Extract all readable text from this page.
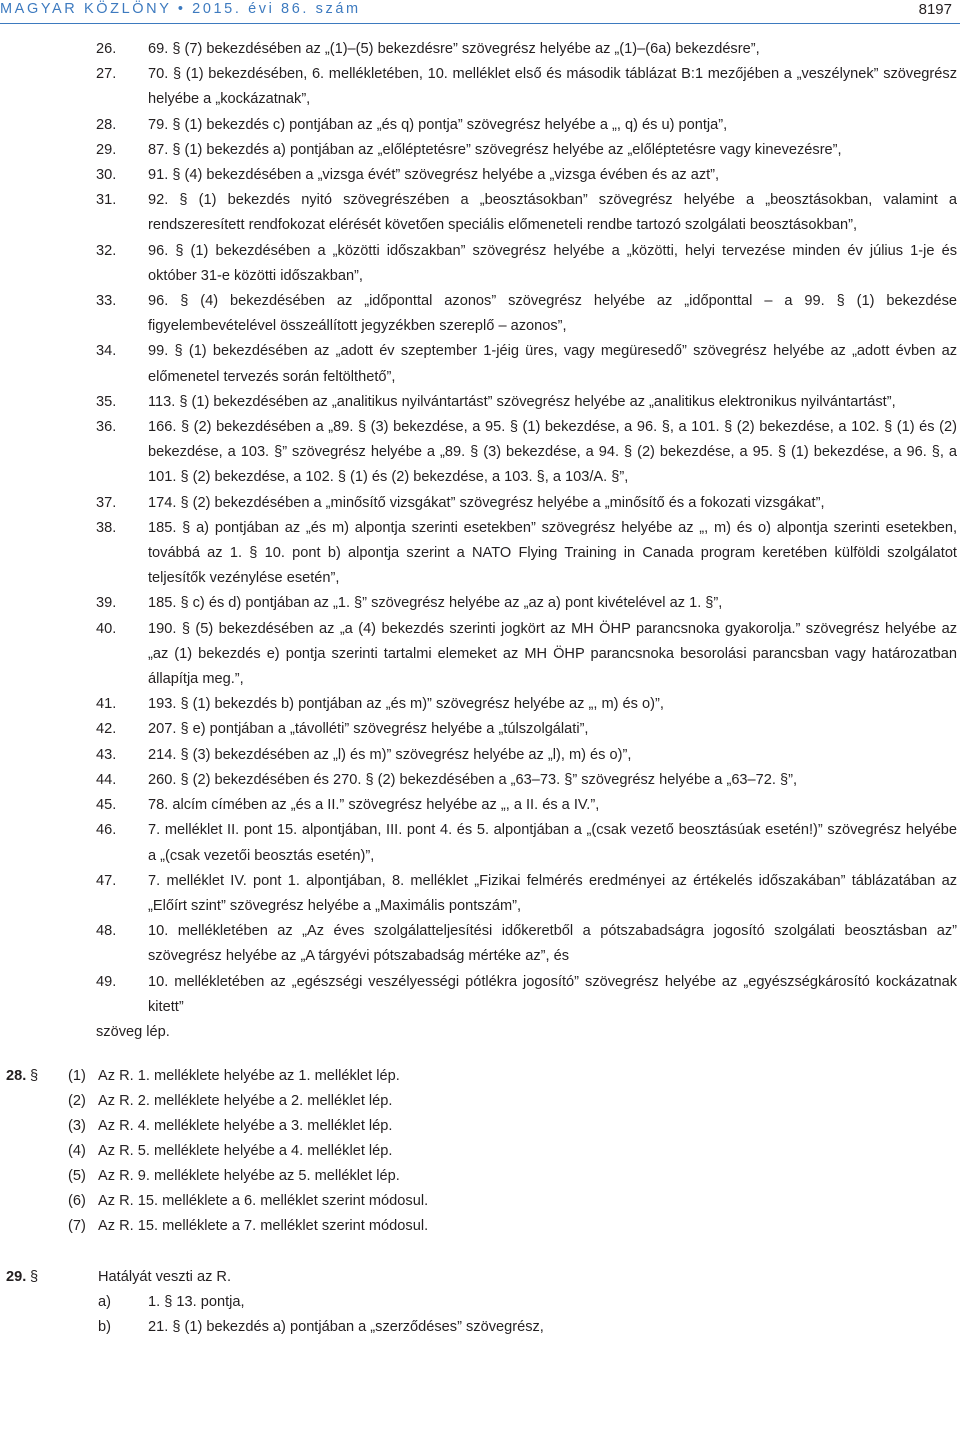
MAGYAR KÖZLÖNY • 2015. évi 86. szám	8197
26. 69. § (7) bekezdésében az „(1)–(5) bekezdésre” szövegrész helyébe az „(1)–(6a) bekezdésre”,
27. 70. § (1) bekezdésében, 6. mellékletében, 10. melléklet első és második táblázat B:1 mezőjében a „veszélynek” szövegrész helyébe a „kockázatnak”,
28. 79. § (1) bekezdés c) pontjában az „és q) pontja” szövegrész helyébe a „, q) és u) pontja”,
29. 87. § (1) bekezdés a) pontjában az „előléptetésre” szövegrész helyébe az „előléptetésre vagy kinevezésre”,
30. 91. § (4) bekezdésében a „vizsga évét” szövegrész helyébe a „vizsga évében és az azt”,
31. 92. § (1) bekezdés nyitó szövegrészében a „beosztásokban” szövegrész helyébe a „beosztásokban, valamint a rendszeresített rendfokozat elérését követően speciális előmeneteli rendbe tartozó szolgálati beosztásokban”,
32. 96. § (1) bekezdésében a „közötti időszakban” szövegrész helyébe a „közötti, helyi tervezése minden év július 1-je és október 31-e közötti időszakban”,
33. 96. § (4) bekezdésében az „időponttal azonos” szövegrész helyébe az „időponttal – a 99. § (1) bekezdése figyelembevételével összeállított jegyzékben szereplő – azonos”,
34. 99. § (1) bekezdésében az „adott év szeptember 1-jéig üres, vagy megüresedő” szövegrész helyébe az „adott évben az előmenetel tervezés során feltölthető”,
35. 113. § (1) bekezdésében az „analitikus nyilvántartást” szövegrész helyébe az „analitikus elektronikus nyilvántartást”,
36. 166. § (2) bekezdésében a „89. § (3) bekezdése, a 95. § (1) bekezdése, a 96. §, a 101. § (2) bekezdése, a 102. § (1) és (2) bekezdése, a 103. §” szövegrész helyébe a „89. § (3) bekezdése, a 94. § (2) bekezdése, a 95. § (1) bekezdése, a 96. §, a 101. § (2) bekezdése, a 102. § (1) és (2) bekezdése, a 103. §, a 103/A. §”,
37. 174. § (2) bekezdésében a „minősítő vizsgákat” szövegrész helyébe a „minősítő és a fokozati vizsgákat”,
38. 185. § a) pontjában az „és m) alpontja szerinti esetekben” szövegrész helyébe az „, m) és o) alpontja szerinti esetekben, továbbá az 1. § 10. pont b) alpontja szerint a NATO Flying Training in Canada program keretében külföldi szolgálatot teljesítők vezénylése esetén”,
39. 185. § c) és d) pontjában az „1. §” szövegrész helyébe az „az a) pont kivételével az 1. §”,
40. 190. § (5) bekezdésében az „a (4) bekezdés szerinti jogkört az MH ÖHP parancsnoka gyakorolja.” szövegrész helyébe az „az (1) bekezdés e) pontja szerinti tartalmi elemeket az MH ÖHP parancsnoka besorolási parancsban vagy határozatban állapítja meg.”,
41. 193. § (1) bekezdés b) pontjában az „és m)” szövegrész helyébe az „, m) és o)”,
42. 207. § e) pontjában a „távolléti” szövegrész helyébe a „túlszolgálati”,
43. 214. § (3) bekezdésében az „l) és m)” szövegrész helyébe az „l), m) és o)”,
44. 260. § (2) bekezdésében és 270. § (2) bekezdésében a „63–73. §” szövegrész helyébe a „63–72. §”,
45. 78. alcím címében az „és a II.” szövegrész helyébe az „, a II. és a IV.”,
46. 7. melléklet II. pont 15. alpontjában, III. pont 4. és 5. alpontjában a „(csak vezető beosztásúak esetén!)” szövegrész helyébe a „(csak vezetői beosztás esetén)”,
47. 7. melléklet IV. pont 1. alpontjában, 8. melléklet „Fizikai felmérés eredményei az értékelés időszakában” táblázatában az „Előírt szint” szövegrész helyébe a „Maximális pontszám”,
48. 10. mellékletében az „Az éves szolgálatteljesítési időkeretből a pótszabadságra jogosító szolgálati beosztásban az” szövegrész helyébe az „A tárgyévi pótszabadság mértéke az”, és
49. 10. mellékletében az „egészségi veszélyességi pótlékra jogosító” szövegrész helyébe az „egyészségkárosító kockázatnak kitett”
szöveg lép.
28. § (1) Az R. 1. melléklete helyébe az 1. melléklet lép.
(2) Az R. 2. melléklete helyébe a 2. melléklet lép.
(3) Az R. 4. melléklete helyébe a 3. melléklet lép.
(4) Az R. 5. melléklete helyébe a 4. melléklet lép.
(5) Az R. 9. melléklete helyébe az 5. melléklet lép.
(6) Az R. 15. melléklete a 6. melléklet szerint módosul.
(7) Az R. 15. melléklete a 7. melléklet szerint módosul.
29. §	Hatályát veszti az R.
a)	1. § 13. pontja,
b)	21. § (1) bekezdés a) pontjában a „szerződéses” szövegrész,
